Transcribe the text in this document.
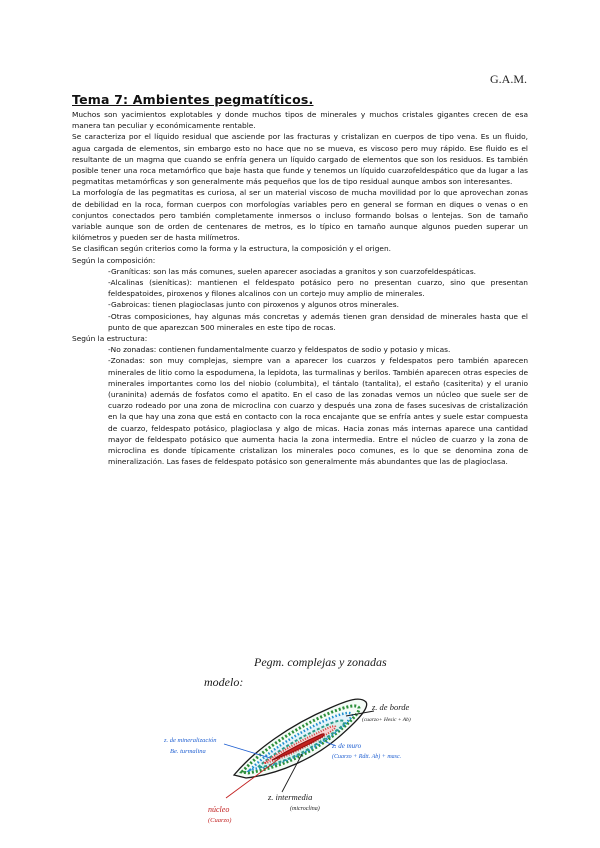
G.A.M.
Tema 7: Ambientes pegmatíticos.

Muchos son yacimientos explotables y donde muchos tipos de minerales y muchos cristales gigantes crecen de esa manera tan peculiar y económicamente rentable.

Se caracteriza por el líquido residual que asciende por las fracturas y cristalizan en cuerpos de tipo vena. Es un fluido, agua cargada de elementos, sin embargo esto no hace que no se mueva, es viscoso pero muy rápido. Ese fluido es el resultante de un magma que cuando se enfría genera un líquido cargado de elementos que son los residuos. Es también posible tener una roca metamórfico que baje hasta que funde y tenemos un líquido cuarzofeldespático que da lugar a las pegmatitas metamórficas y son generalmente más pequeños que los de tipo residual aunque ambos son interesantes.

La morfología de las pegmatitas es curiosa, al ser un material viscoso de mucha movilidad por lo que aprovechan zonas de debilidad en la roca, forman cuerpos con morfologías variables pero en general se forman en diques o venas o en conjuntos conectados pero también completamente inmersos o incluso formando bolsas o lentejas. Son de tamaño variable aunque son de orden de centenares de metros, es lo típico en tamaño aunque algunos pueden superar un kilómetros y pueden ser de hasta milímetros.

Se clasifican según criterios como la forma y la estructura, la composición y el origen.

Según la composición:

-Graníticas: son las más comunes, suelen aparecer asociadas a granitos y son cuarzofeldespáticas.

-Alcalinas (sieníticas): mantienen el feldespato potásico pero no presentan cuarzo, sino que presentan feldespatoides, piroxenos y filones alcalinos con un cortejo muy amplio de minerales.

-Gabroicas: tienen plagioclasas junto con piroxenos y algunos otros minerales.

-Otras composiciones, hay algunas más concretas y además tienen gran densidad de minerales hasta que el punto de que aparezcan 500 minerales en este tipo de rocas.

Según la estructura:

-No zonadas: contienen fundamentalmente cuarzo y feldespatos de sodio y potasio y micas.

-Zonadas: son muy complejas, siempre van a aparecer los cuarzos y feldespatos pero también aparecen minerales de litio como la espodumena, la lepidota, las turmalinas y berilos. También aparecen otras especies de minerales importantes como los del niobio (columbita), el tántalo (tantalita), el estaño (casiterita) y el uranio (uraninita) además de fosfatos como el apatito. En el caso de las zonadas vemos un núcleo que suele ser de cuarzo rodeado por una zona de microclina con cuarzo y después una zona de fases sucesivas de cristalización en la que hay una zona que está en contacto con la roca encajante que se enfría antes y suele estar compuesta de cuarzo, feldespato potásico, plagioclasa y algo de micas. Hacia zonas más internas aparece una cantidad mayor de feldespato potásico que aumenta hacia la zona intermedia. Entre el núcleo de cuarzo y la zona de microclina es donde típicamente cristalizan los minerales poco comunes, es lo que se denomina zona de mineralización. Las fases de feldespato potásico son generalmente más abundantes que las de plagioclasa.

Pegm. complejas y zonadas
modelo:
z. de borde
(cuarzo+ Hesic + Ab)
z. de muro
(Cuarzo + Rdtt. Ab) + masc.
z. de mineralización
Be. turmalina
z. intermedia
(microclina)
núcleo
(Cuarzo)
